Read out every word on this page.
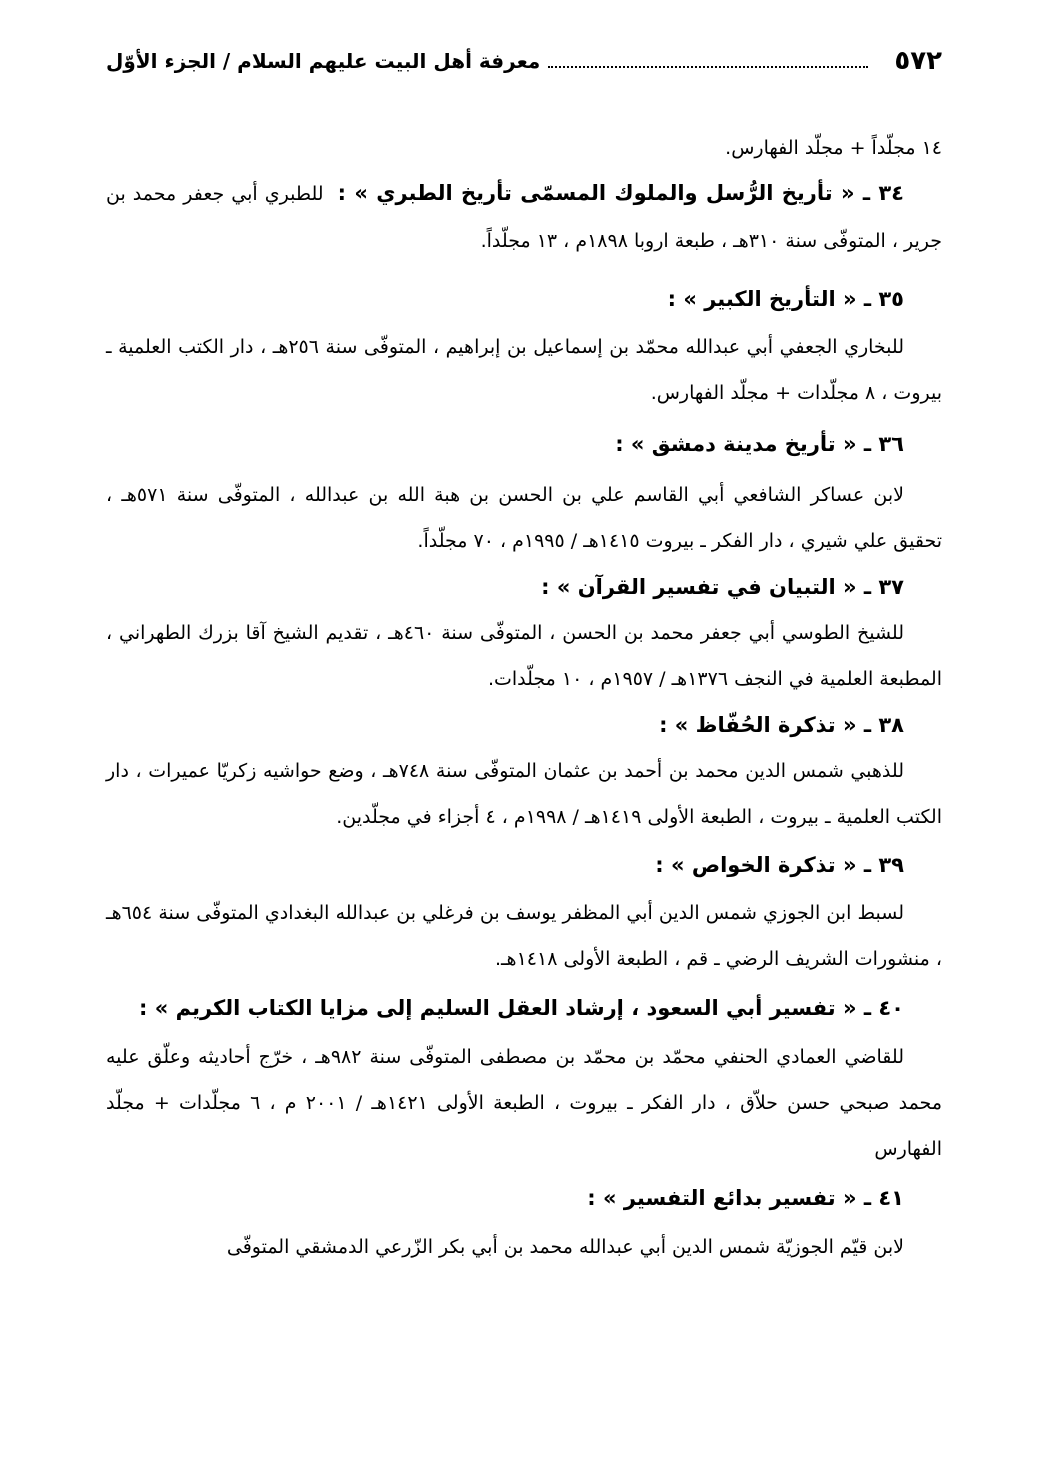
٥٧٢
معرفة أهل البيت عليهم السلام / الجزء الأوّل

١٤ مجلّداً + مجلّد الفهارس.

٣٤ ـ « تأريخ الرُّسل والملوك المسمّى تأريخ الطبري » :

للطبري أبي جعفر محمد بن جرير ، المتوفّى سنة ٣١٠هـ ، طبعة اروبا ١٨٩٨م ، ١٣ مجلّداً.

٣٥ ـ « التأريخ الكبير » :

للبخاري الجعفي أبي عبدالله محمّد بن إسماعيل بن إبراهيم ، المتوفّى سنة ٢٥٦هـ ، دار الكتب العلمية ـ بيروت ، ٨ مجلّدات + مجلّد الفهارس.

٣٦ ـ « تأريخ مدينة دمشق » :

لابن عساكر الشافعي أبي القاسم علي بن الحسن بن هبة الله بن عبدالله ، المتوفّى سنة ٥٧١هـ ، تحقيق علي شيري ، دار الفكر ـ بيروت ١٤١٥هـ / ١٩٩٥م ، ٧٠ مجلّداً.

٣٧ ـ « التبيان في تفسير القرآن » :

للشيخ الطوسي أبي جعفر محمد بن الحسن ، المتوفّى سنة ٤٦٠هـ ، تقديم الشيخ آقا بزرك الطهراني ، المطبعة العلمية في النجف ١٣٧٦هـ / ١٩٥٧م ، ١٠ مجلّدات.

٣٨ ـ « تذكرة الحُفّاظ » :

للذهبي شمس الدين محمد بن أحمد بن عثمان المتوفّى سنة ٧٤٨هـ ، وضع حواشيه زكريّا عميرات ، دار الكتب العلمية ـ بيروت ، الطبعة الأولى ١٤١٩هـ / ١٩٩٨م ، ٤ أجزاء في مجلّدين.

٣٩ ـ « تذكرة الخواص » :

لسبط ابن الجوزي شمس الدين أبي المظفر يوسف بن فرغلي بن عبدالله البغدادي المتوفّى سنة ٦٥٤هـ ، منشورات الشريف الرضي ـ قم ، الطبعة الأولى ١٤١٨هـ.

٤٠ ـ « تفسير أبي السعود ، إرشاد العقل السليم إلى مزايا الكتاب الكريم » :

للقاضي العمادي الحنفي محمّد بن محمّد بن مصطفى المتوفّى سنة ٩٨٢هـ ، خرّج أحاديثه وعلّق عليه محمد صبحي حسن حلاّق ، دار الفكر ـ بيروت ، الطبعة الأولى ١٤٢١هـ / ٢٠٠١ م ، ٦ مجلّدات + مجلّد الفهارس

٤١ ـ « تفسير بدائع التفسير » :

لابن قيّم الجوزيّة شمس الدين أبي عبدالله محمد بن أبي بكر الزّرعي الدمشقي المتوفّى
